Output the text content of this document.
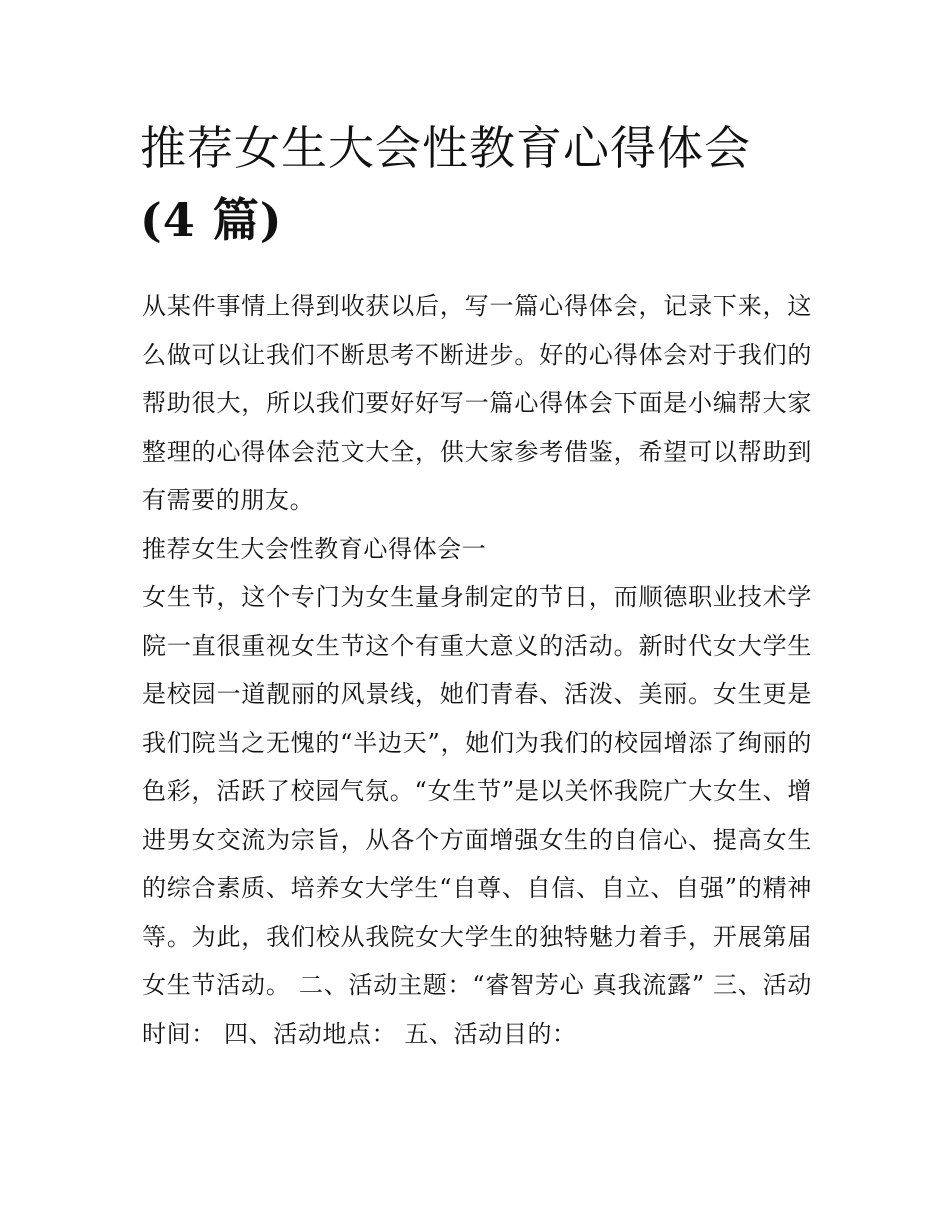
推荐女生大会性教育心得体会
(4 篇)

从某件事情上得到收获以后，写一篇心得体会，记录下来，这么做可以让我们不断思考不断进步。好的心得体会对于我们的帮助很大，所以我们要好好写一篇心得体会下面是小编帮大家整理的心得体会范文大全，供大家参考借鉴，希望可以帮助到有需要的朋友。

推荐女生大会性教育心得体会一

女生节，这个专门为女生量身制定的节日，而顺德职业技术学院一直很重视女生节这个有重大意义的活动。新时代女大学生是校园一道靓丽的风景线，她们青春、活泼、美丽。女生更是我们院当之无愧的“半边天”，她们为我们的校园增添了绚丽的色彩，活跃了校园气氛。“女生节”是以关怀我院广大女生、增进男女交流为宗旨，从各个方面增强女生的自信心、提高女生的综合素质、培养女大学生“自尊、自信、自立、自强”的精神等。为此，我们校从我院女大学生的独特魅力着手，开展第届女生节活动。 二、活动主题：“睿智芳心 真我流露” 三、活动时间： 四、活动地点： 五、活动目的：
